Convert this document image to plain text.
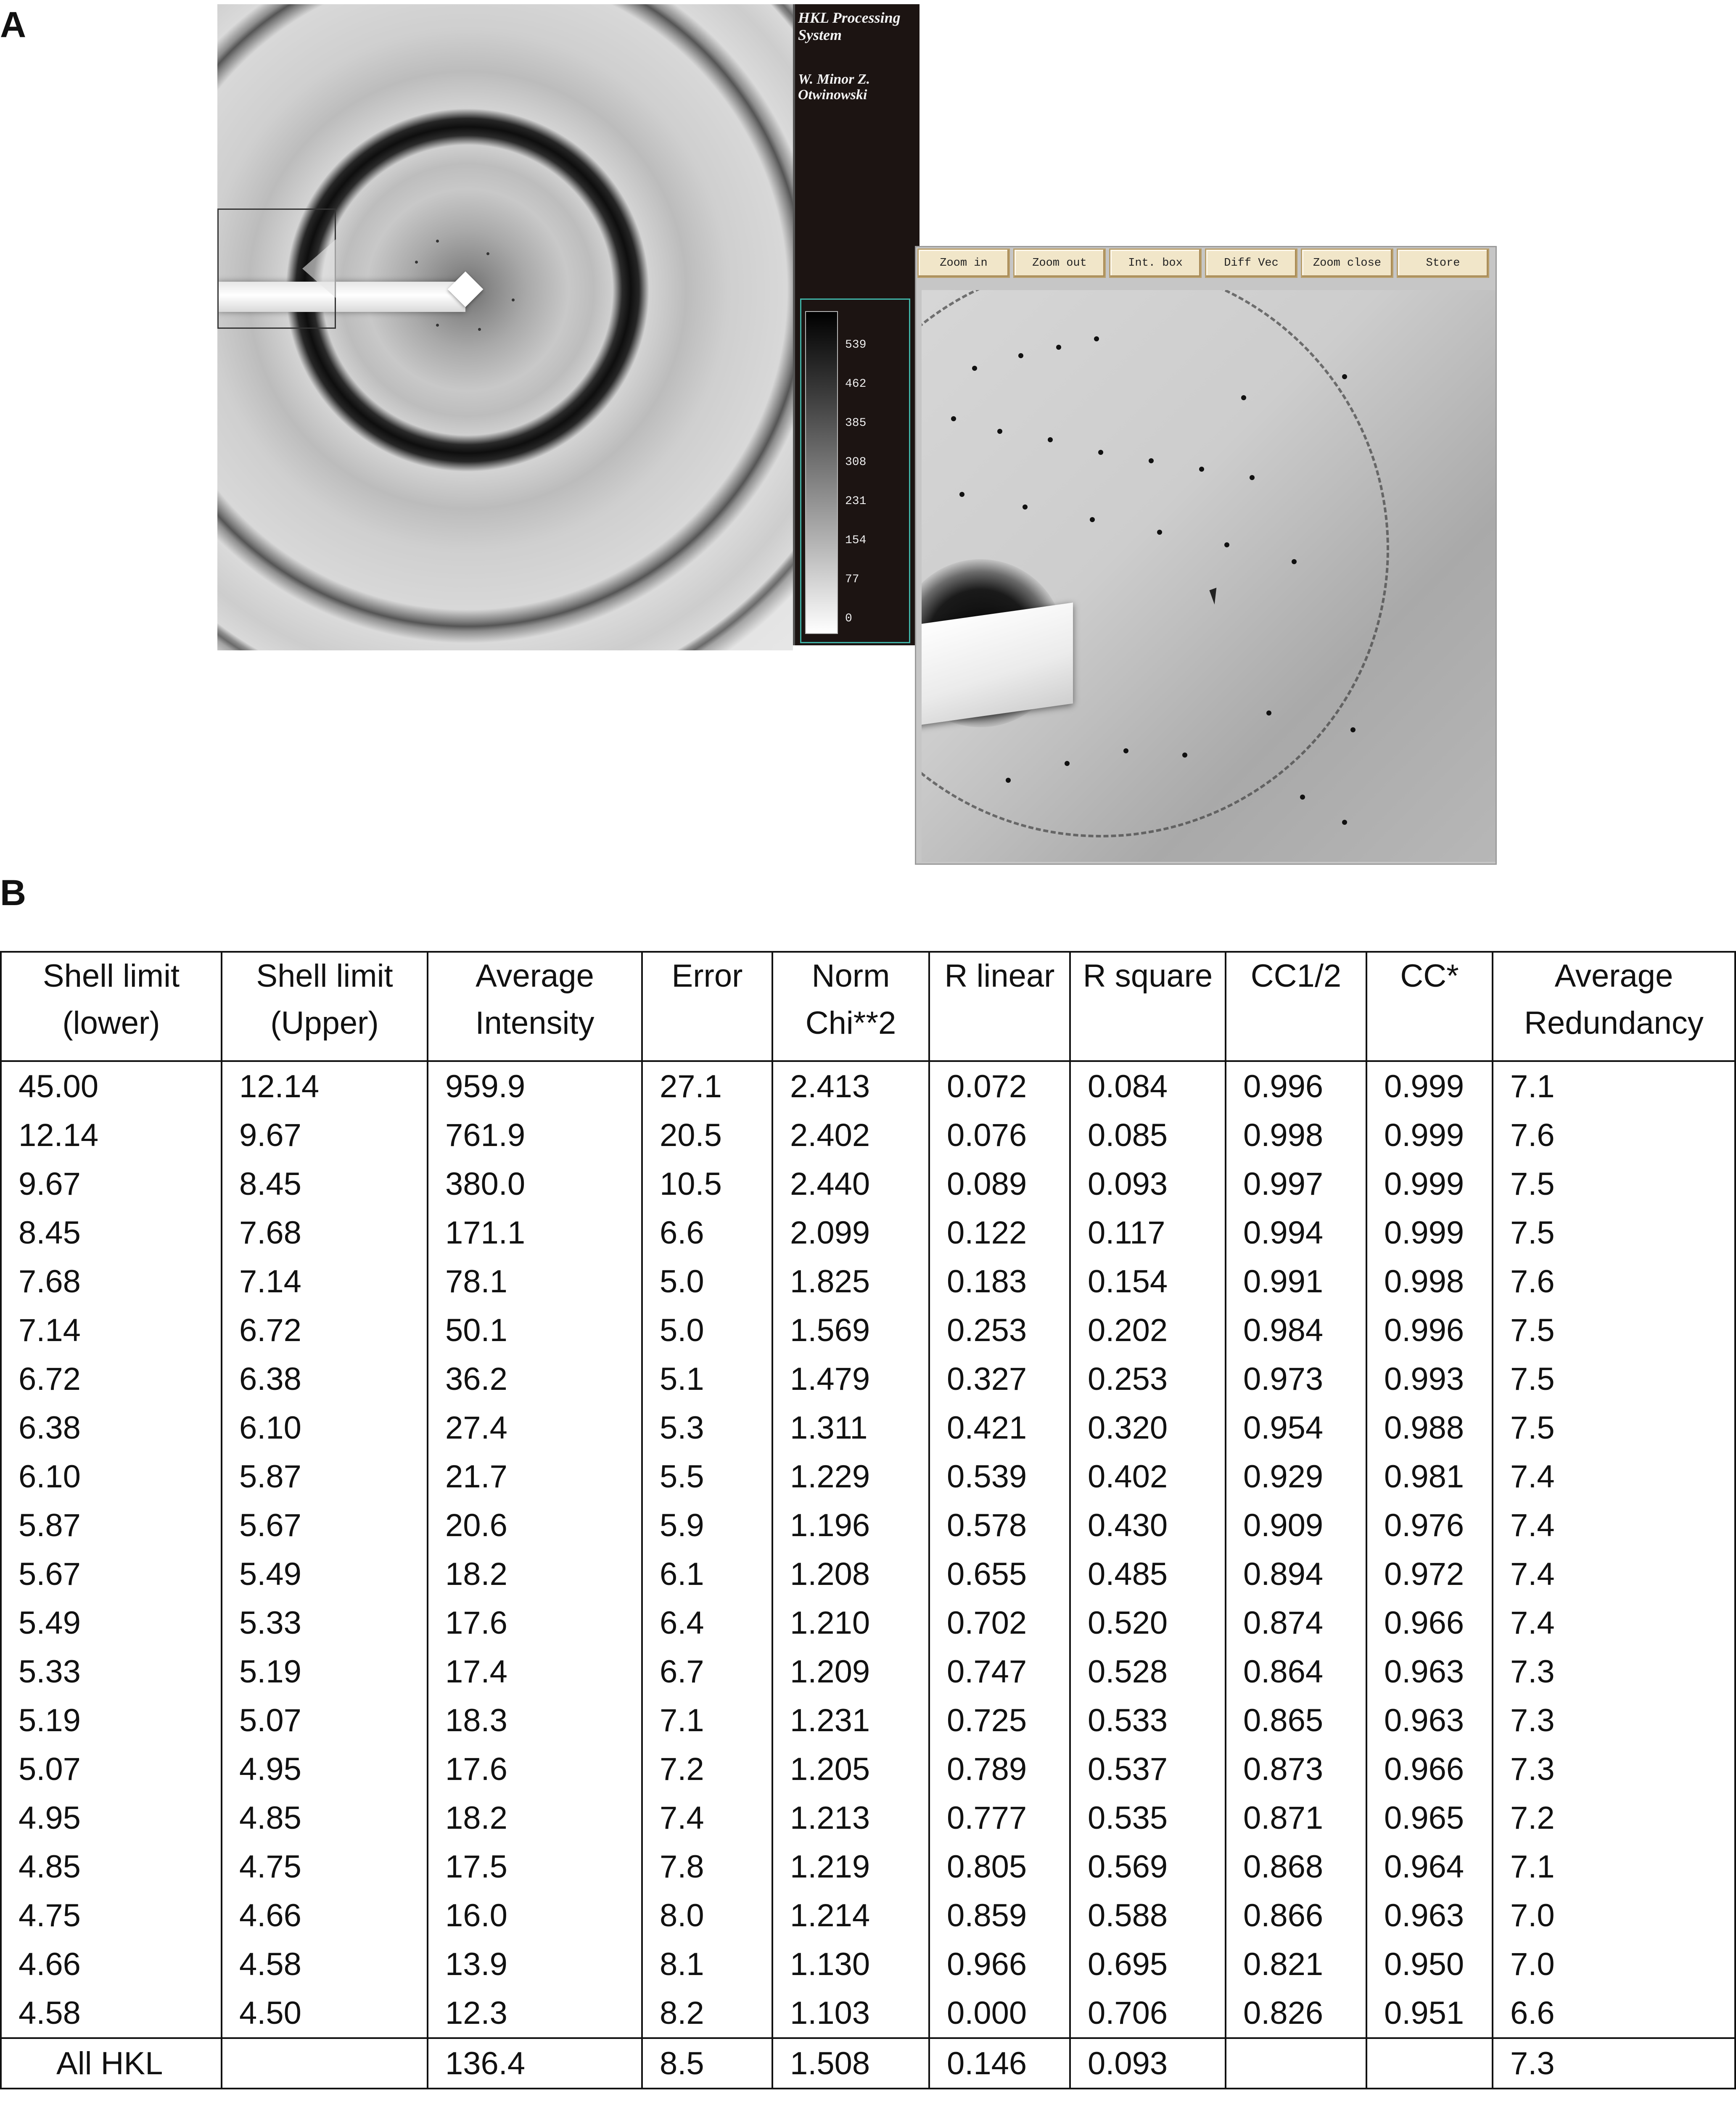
A	HKL Processing System
W. Minor Z. Otwinowski
539
462
385
308
231
154
77
0
Zoom in	Zoom out	Int. box	Diff Vec	Zoom close	Store
B
Shell limit (lower)	Shell limit (Upper)	Average Intensity	Error	Norm Chi**2	R linear	R square	CC1/2	CC*	Average Redundancy
45.00	12.14	959.9	27.1	2.413	0.072	0.084	0.996	0.999	7.1
12.14	9.67	761.9	20.5	2.402	0.076	0.085	0.998	0.999	7.6
9.67	8.45	380.0	10.5	2.440	0.089	0.093	0.997	0.999	7.5
8.45	7.68	171.1	6.6	2.099	0.122	0.117	0.994	0.999	7.5
7.68	7.14	78.1	5.0	1.825	0.183	0.154	0.991	0.998	7.6
7.14	6.72	50.1	5.0	1.569	0.253	0.202	0.984	0.996	7.5
6.72	6.38	36.2	5.1	1.479	0.327	0.253	0.973	0.993	7.5
6.38	6.10	27.4	5.3	1.311	0.421	0.320	0.954	0.988	7.5
6.10	5.87	21.7	5.5	1.229	0.539	0.402	0.929	0.981	7.4
5.87	5.67	20.6	5.9	1.196	0.578	0.430	0.909	0.976	7.4
5.67	5.49	18.2	6.1	1.208	0.655	0.485	0.894	0.972	7.4
5.49	5.33	17.6	6.4	1.210	0.702	0.520	0.874	0.966	7.4
5.33	5.19	17.4	6.7	1.209	0.747	0.528	0.864	0.963	7.3
5.19	5.07	18.3	7.1	1.231	0.725	0.533	0.865	0.963	7.3
5.07	4.95	17.6	7.2	1.205	0.789	0.537	0.873	0.966	7.3
4.95	4.85	18.2	7.4	1.213	0.777	0.535	0.871	0.965	7.2
4.85	4.75	17.5	7.8	1.219	0.805	0.569	0.868	0.964	7.1
4.75	4.66	16.0	8.0	1.214	0.859	0.588	0.866	0.963	7.0
4.66	4.58	13.9	8.1	1.130	0.966	0.695	0.821	0.950	7.0
4.58	4.50	12.3	8.2	1.103	0.000	0.706	0.826	0.951	6.6
All HKL		136.4	8.5	1.508	0.146	0.093			7.3
